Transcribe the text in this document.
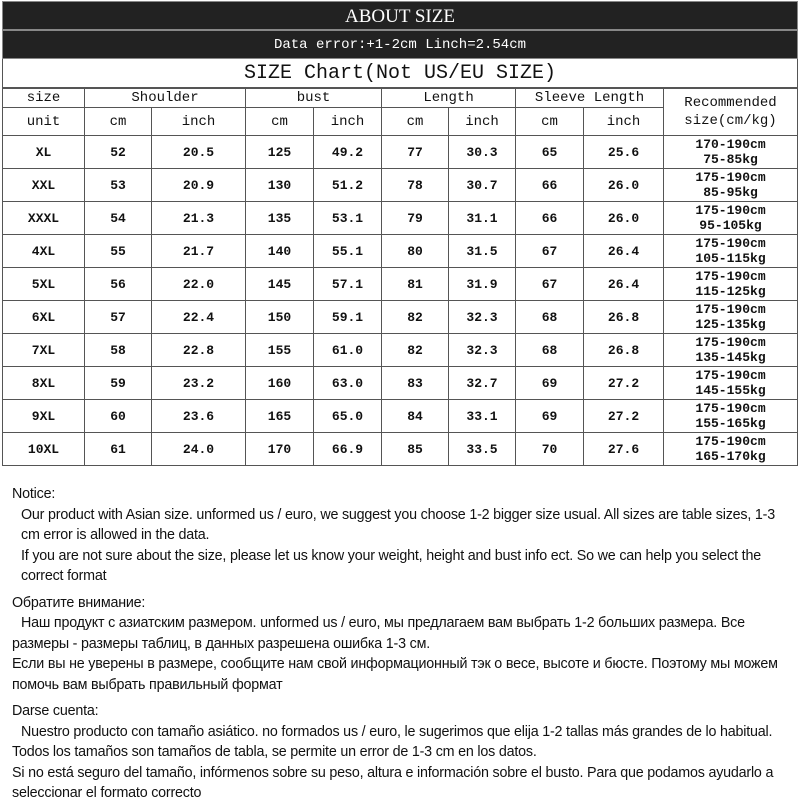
ABOUT SIZE
Data error:+1-2cm Linch=2.54cm
SIZE Chart(Not US/EU SIZE)
size	Shoulder		bust		Length		Sleeve Length		Recommended size(cm/kg)
unit	cm	inch	cm	inch	cm	inch	cm	inch	
XL	52	20.5	125	49.2	77	30.3	65	25.6	170-190cm
75-85kg

XXL	53	20.9	130	51.2	78	30.7	66	26.0	175-190cm
85-95kg

XXXL	54	21.3	135	53.1	79	31.1	66	26.0	175-190cm
95-105kg

4XL	55	21.7	140	55.1	80	31.5	67	26.4	175-190cm
105-115kg

5XL	56	22.0	145	57.1	81	31.9	67	26.4	175-190cm
115-125kg

6XL	57	22.4	150	59.1	82	32.3	68	26.8	175-190cm
125-135kg

7XL	58	22.8	155	61.0	82	32.3	68	26.8	175-190cm
135-145kg

8XL	59	23.2	160	63.0	83	32.7	69	27.2	175-190cm
145-155kg

9XL	60	23.6	165	65.0	84	33.1	69	27.2	175-190cm
155-165kg

10XL	61	24.0	170	66.9	85	33.5	70	27.6	175-190cm
165-170kg

Notice:
Our product with Asian size. unformed us / euro, we suggest you choose 1-2 bigger size usual. All sizes are table sizes, 1-3 cm error is allowed in the data.
If you are not sure about the size, please let us know your weight, height and bust info ect. So we can help you select the correct format

Обратите внимание:
Наш продукт с азиатским размером. unformed us / euro, мы предлагаем вам выбрать 1-2 больших размера. Все размеры - размеры таблиц, в данных разрешена ошибка 1-3 см.
Если вы не уверены в размере, сообщите нам свой информационный тэк о весе, высоте и бюсте. Поэтому мы можем помочь вам выбрать правильный формат

Darse cuenta:
Nuestro producto con tamaño asiático. no formados us / euro, le sugerimos que elija 1-2 tallas más grandes de lo habitual. Todos los tamaños son tamaños de tabla, se permite un error de 1-3 cm en los datos.
Si no está seguro del tamaño, infórmenos sobre su peso, altura e información sobre el busto. Para que podamos ayudarlo a seleccionar el formato correcto
